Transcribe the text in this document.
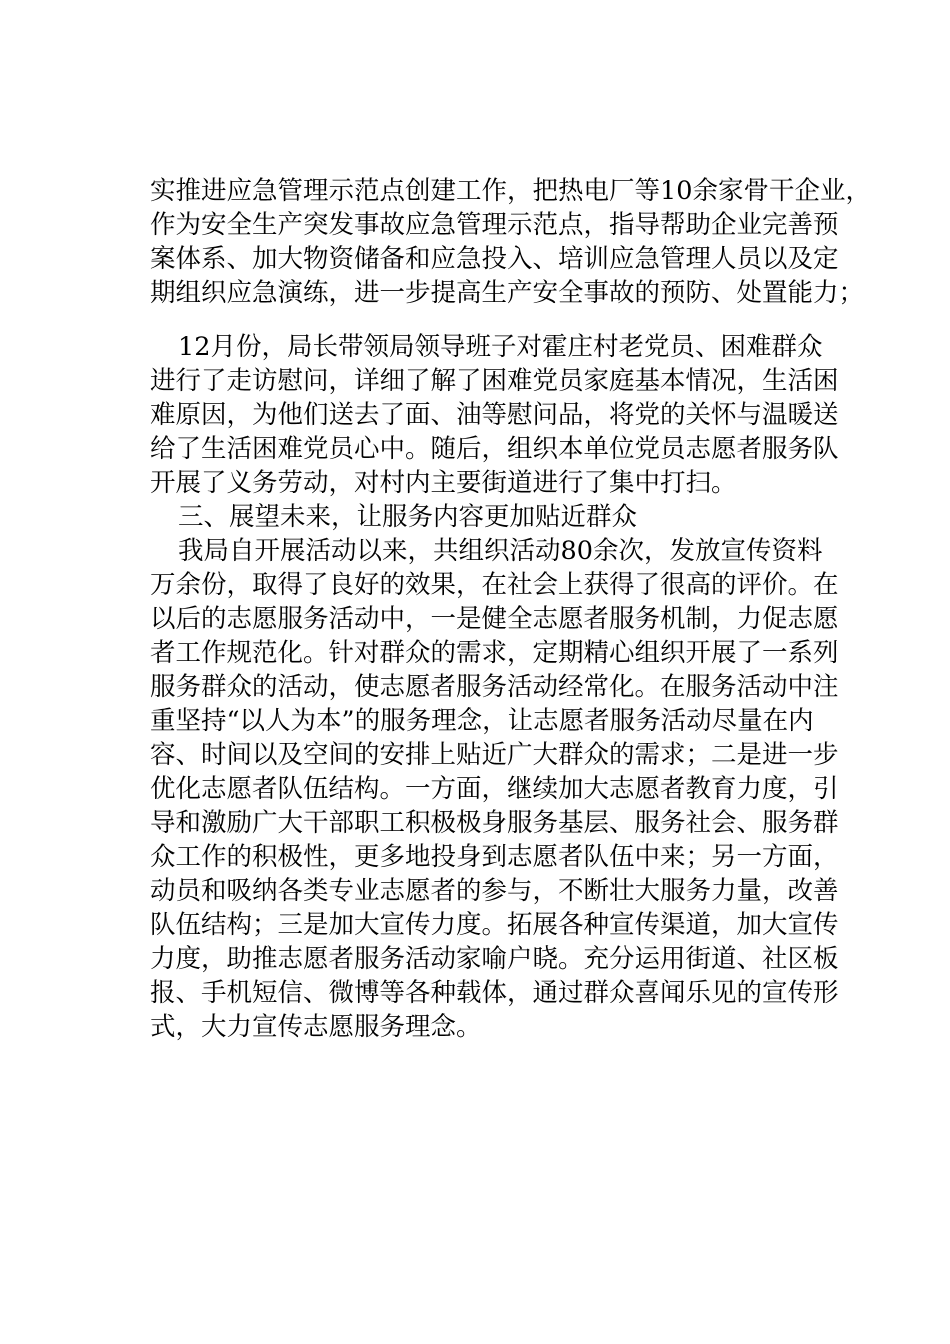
实推进应急管理示范点创建工作，把热电厂等10余家骨干企业，
作为安全生产突发事故应急管理示范点，指导帮助企业完善预
案体系、加大物资储备和应急投入、培训应急管理人员以及定
期组织应急演练，进一步提高生产安全事故的预防、处置能力；
12月份，局长带领局领导班子对霍庄村老党员、困难群众
进行了走访慰问，详细了解了困难党员家庭基本情况，生活困
难原因，为他们送去了面、油等慰问品，将党的关怀与温暖送
给了生活困难党员心中。随后，组织本单位党员志愿者服务队
开展了义务劳动，对村内主要街道进行了集中打扫。
三、展望未来，让服务内容更加贴近群众
我局自开展活动以来，共组织活动80余次，发放宣传资料
万余份，取得了良好的效果，在社会上获得了很高的评价。在
以后的志愿服务活动中，一是健全志愿者服务机制，力促志愿
者工作规范化。针对群众的需求，定期精心组织开展了一系列
服务群众的活动，使志愿者服务活动经常化。在服务活动中注
重坚持“以人为本”的服务理念，让志愿者服务活动尽量在内
容、时间以及空间的安排上贴近广大群众的需求；二是进一步
优化志愿者队伍结构。一方面，继续加大志愿者教育力度，引
导和激励广大干部职工积极极身服务基层、服务社会、服务群
众工作的积极性，更多地投身到志愿者队伍中来；另一方面，
动员和吸纳各类专业志愿者的参与，不断壮大服务力量，改善
队伍结构；三是加大宣传力度。拓展各种宣传渠道，加大宣传
力度，助推志愿者服务活动家喻户晓。充分运用街道、社区板
报、手机短信、微博等各种载体，通过群众喜闻乐见的宣传形
式，大力宣传志愿服务理念。
